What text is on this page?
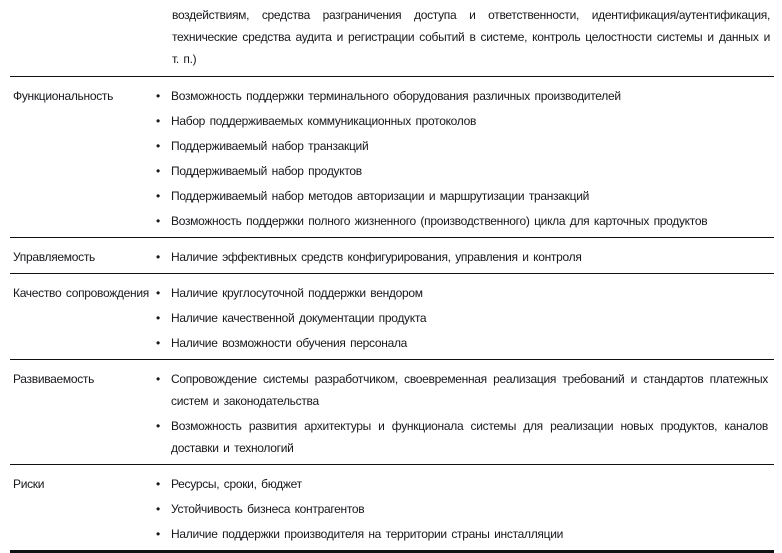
воздействиям, средства разграничения доступа и ответственности, идентификация/аутентификация, технические средства аудита и регистрации событий в системе, контроль целостности системы и данных и т. п.)
Функциональность	• Возможность поддержки терминального оборудования различных производителей
• Набор поддерживаемых коммуникационных протоколов
• Поддерживаемый набор транзакций
• Поддерживаемый набор продуктов
• Поддерживаемый набор методов авторизации и маршрутизации транзакций
• Возможность поддержки полного жизненного (производственного) цикла для карточных продуктов
Управляемость	• Наличие эффективных средств конфигурирования, управления и контроля
Качество сопровождения • Наличие круглосуточной поддержки вендором
• Наличие качественной документации продукта
• Наличие возможности обучения персонала
Развиваемость	• Сопровождение системы разработчиком, своевременная реализация требований и стандартов платежных систем и законодательства
• Возможность развития архитектуры и функционала системы для реализации новых продуктов, каналов доставки и технологий
Риски	• Ресурсы, сроки, бюджет
• Устойчивость бизнеса контрагентов
• Наличие поддержки производителя на территории страны инсталляции
